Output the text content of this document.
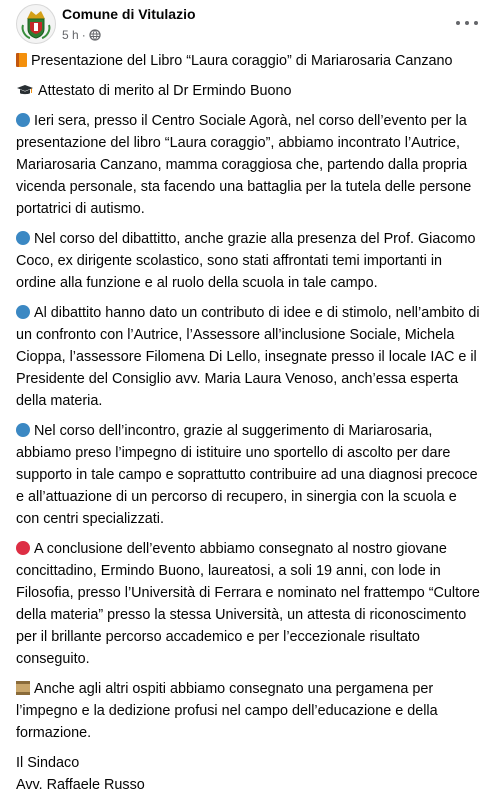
Comune di Vitulazio
5 h ·

Presentazione del Libro “Laura coraggio” di Mariarosaria Canzano

Attestato di merito al Dr Ermindo Buono

Ieri sera, presso il Centro Sociale Agorà, nel corso dell’evento per la presentazione del libro “Laura coraggio”, abbiamo incontrato l’Autrice, Mariarosaria Canzano, mamma coraggiosa che, partendo dalla propria vicenda personale, sta facendo una battaglia per la tutela delle persone portatrici di autismo.

Nel corso del dibattitto, anche grazie alla presenza del Prof. Giacomo Coco, ex dirigente scolastico, sono stati affrontati temi importanti in ordine alla funzione e al ruolo della scuola in tale campo.

Al dibattito hanno dato un contributo di idee e di stimolo, nell’ambito di un confronto con l’Autrice, l’Assessore all’inclusione Sociale, Michela Cioppa, l’assessore Filomena Di Lello, insegnate presso il locale IAC e il Presidente del Consiglio avv. Maria Laura Venoso, anch’essa esperta della materia.

Nel corso dell’incontro, grazie al suggerimento di Mariarosaria, abbiamo preso l’impegno di istituire uno sportello di ascolto per dare supporto in tale campo e soprattutto contribuire ad una diagnosi precoce e all’attuazione di un percorso di recupero, in sinergia con la scuola e con centri specializzati.

A conclusione dell’evento abbiamo consegnato al nostro giovane concittadino, Ermindo Buono, laureatosi, a soli 19 anni, con lode in Filosofia, presso l’Università di Ferrara e nominato nel frattempo “Cultore della materia” presso la stessa Università, un attesta di riconoscimento per il brillante percorso accademico e per l’eccezionale risultato conseguito.

Anche agli altri ospiti abbiamo consegnato una pergamena per l’impegno e la dedizione profusi nel campo dell’educazione e della formazione.

Il Sindaco

Avv. Raffaele Russo
